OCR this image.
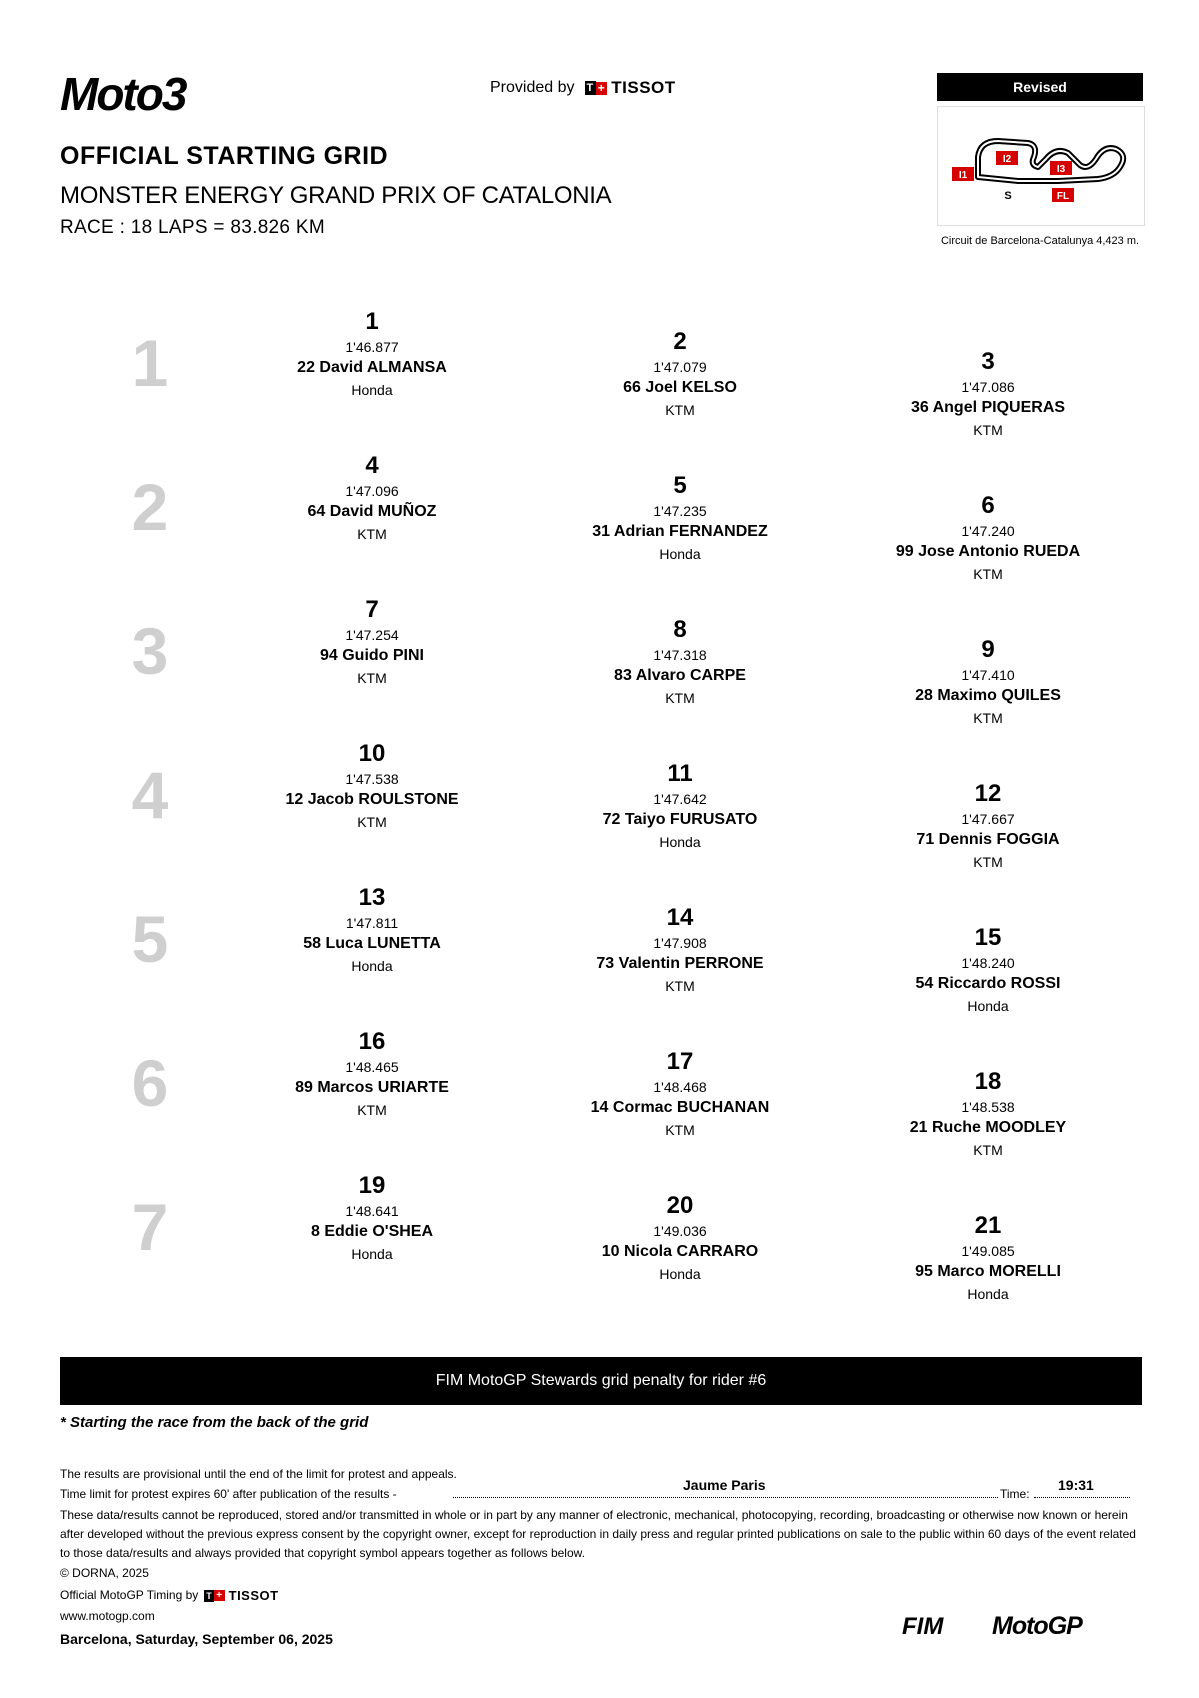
Moto3	Provided by T + TISSOT
OFFICIAL STARTING GRID
MONSTER ENERGY GRAND PRIX OF CATALONIA
RACE : 18 LAPS = 83.826 KM
Revised
I1
I2
I3
S	FL
Circuit de Barcelona-Catalunya 4,423 m.
1
2
3
4
5
6
7
1
1'46.877
22 David ALMANSA
Honda
2
1'47.079
66 Joel KELSO
KTM
3
1'47.086
36 Angel PIQUERAS
KTM
4
1'47.096
64 David MUÑOZ
KTM
5
1'47.235
31 Adrian FERNANDEZ
Honda
6
1'47.240
99 Jose Antonio RUEDA
KTM
7
1'47.254
94 Guido PINI
KTM
8
1'47.318
83 Alvaro CARPE
KTM
9
1'47.410
28 Maximo QUILES
KTM
10
1'47.538
12 Jacob ROULSTONE
KTM
11
1'47.642
72 Taiyo FURUSATO
Honda
12
1'47.667
71 Dennis FOGGIA
KTM
13
1'47.811
58 Luca LUNETTA
Honda
14
1'47.908
73 Valentin PERRONE
KTM
15
1'48.240
54 Riccardo ROSSI
Honda
16
1'48.465
89 Marcos URIARTE
KTM
17
1'48.468
14 Cormac BUCHANAN
KTM
18
1'48.538
21 Ruche MOODLEY
KTM
19
1'48.641
8 Eddie O'SHEA
Honda
20
1'49.036
10 Nicola CARRARO
Honda
21
1'49.085
95 Marco MORELLI
Honda
FIM MotoGP Stewards grid penalty for rider #6
* Starting the race from the back of the grid
The results are provisional until the end of the limit for protest and appeals.
Time limit for protest expires 60' after publication of the results -
Jaume Paris
Time:
19:31
These data/results cannot be reproduced, stored and/or transmitted in whole or in part by any manner of electronic, mechanical, photocopying, recording, broadcasting or otherwise now known or herein after developed without the previous express consent by the copyright owner, except for reproduction in daily press and regular printed publications on sale to the public within 60 days of the event related to those data/results and always provided that copyright symbol appears together as follows below.
© DORNA, 2025
Official MotoGP Timing by T + TISSOT
www.motogp.com
Barcelona, Saturday, September 06, 2025	FIM MotoGP
